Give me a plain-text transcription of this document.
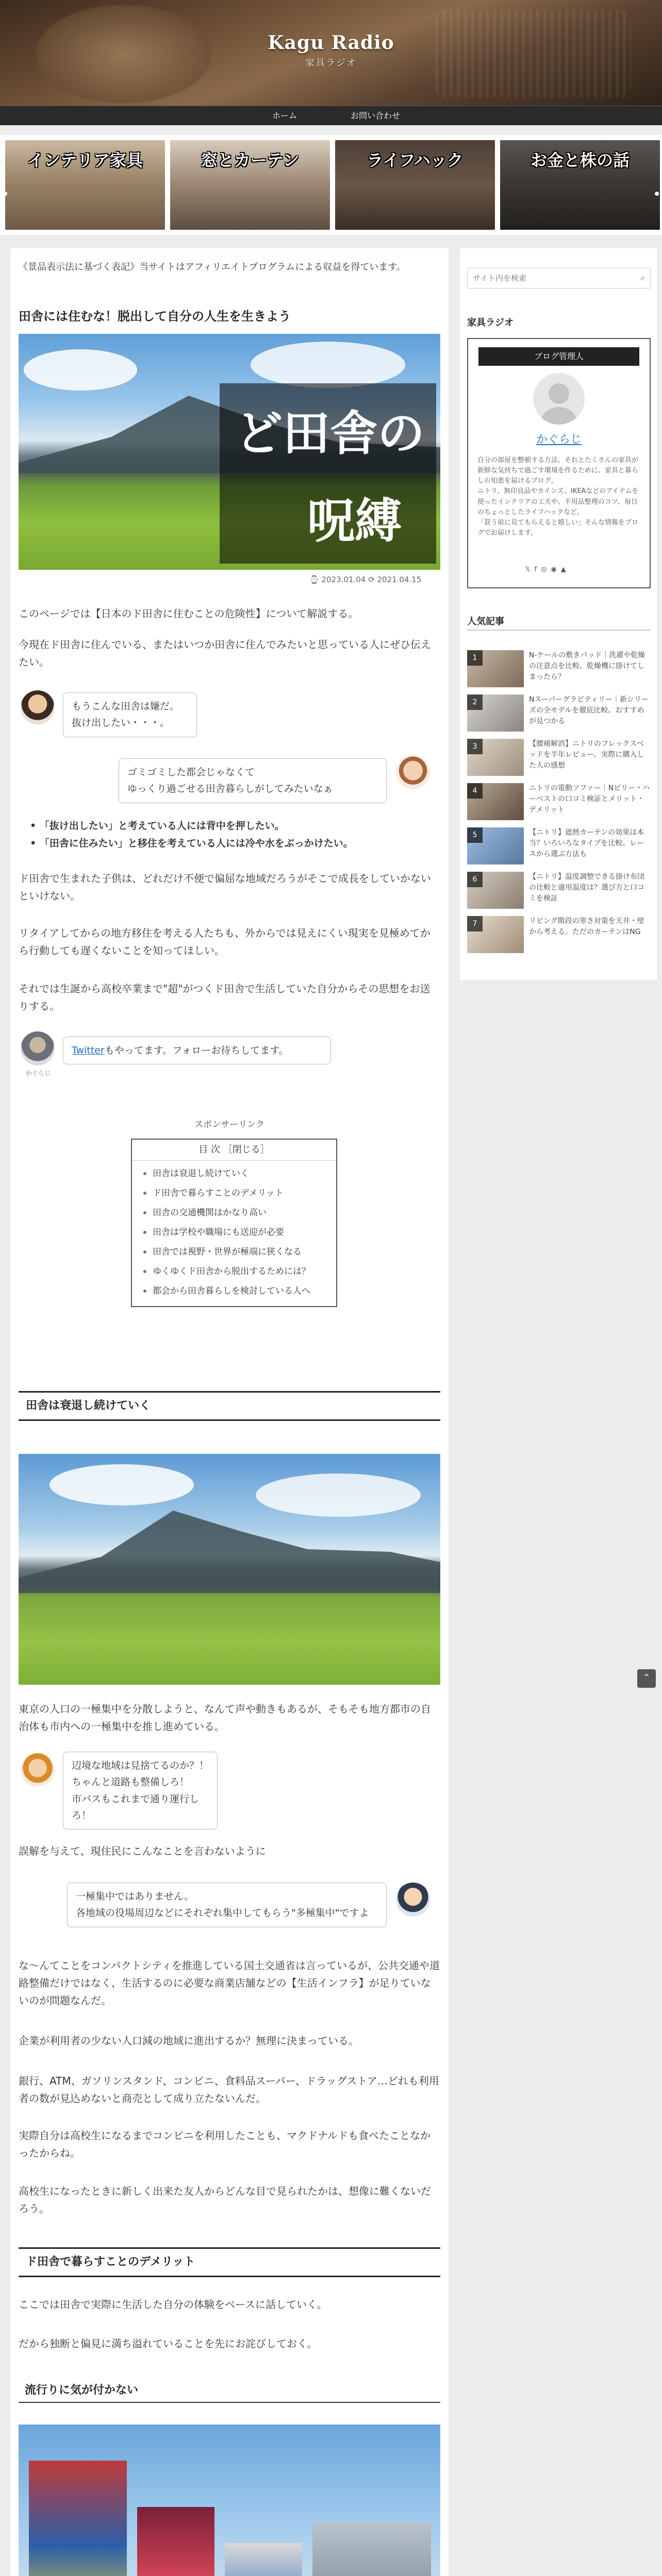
Kagu Radio
家具ラジオ
ホーム	お問い合わせ
インテリア家具	窓とカーテン	ライフハック	お金と株の話

《景品表示法に基づく表記》当サイトはアフィリエイトプログラムによる収益を得ています。

田舎には住むな！脱出して自分の人生を生きよう
ど田舎の
呪縛
⌚ 2023.01.04 ⟳ 2021.04.15

このページでは【日本のド田舎に住むことの危険性】について解説する。

今現在ド田舎に住んでいる、またはいつか田舎に住んでみたいと思っている人にぜひ伝えたい。

もうこんな田舎は嫌だ。抜け出したい・・・。
ゴミゴミした都会じゃなくて
ゆっくり過ごせる田舎暮らしがしてみたいなぁ
• 「抜け出したい」と考えている人には背中を押したい。
• 「田舎に住みたい」と移住を考えている人には冷や水をぶっかけたい。

ド田舎で生まれた子供は、どれだけ不便で偏屈な地域だろうがそこで成長をしていかないといけない。

リタイアしてからの地方移住を考える人たちも、外からでは見えにくい現実を見極めてから行動しても遅くないことを知ってほしい。

それでは生誕から高校卒業まで"超"がつくド田舎で生活していた自分からその思想をお送りする。

かぐらじ
Twitterもやってます。フォローお待ちしてます。
スポンサーリンク
目 次 ［閉じる］
田舎は衰退し続けていく
ド田舎で暮らすことのデメリット
田舎の交通機関はかなり高い
田舎は学校や職場にも送迎が必要
田舎では視野・世界が極端に狭くなる
ゆくゆくド田舎から脱出するためには？
都会から田舎暮らしを検討している人へ
田舎は衰退し続けていく

東京の人口の一極集中を分散しようと、なんて声や動きもあるが、そもそも地方都市の自治体も市内への一極集中を推し進めている。

辺境な地域は見捨てるのか？！
ちゃんと道路も整備しろ！
市バスもこれまで通り運行しろ！

誤解を与えて、現住民にこんなことを言わないように

一極集中ではありません。
各地域の役場周辺などにそれぞれ集中してもらう"多極集中"ですよ

な〜んてことをコンパクトシティを推進している国土交通省は言っているが、公共交通や道路整備だけではなく、生活するのに必要な商業店舗などの【生活インフラ】が足りていないのが問題なんだ。

企業が利用者の少ない人口減の地域に進出するか？無理に決まっている。

銀行、ATM、ガソリンスタンド、コンビニ、食料品スーパー、ドラッグストア…どれも利用者の数が見込めないと商売として成り立たないんだ。

実際自分は高校生になるまでコンビニを利用したことも、マクドナルドも食べたことなかったからね。

高校生になったときに新しく出来た友人からどんな目で見られたかは、想像に難くないだろう。

ド田舎で暮らすことのデメリット

ここでは田舎で実際に生活した自分の体験をベースに話していく。

だから独断と偏見に満ち溢れていることを先にお詫びしておく。

流行りに気が付かない

サイト内を検索
⌕
家具ラジオ
ブログ管理人
かぐらじ
自分の部屋を整頓する方法、それとたくさんの家具が新鮮な気持ちで過ごす環境を作るために、家具と暮らしの知恵を届けるブログ。
ニトリ、無印良品やカインズ、IKEAなどのアイテムを使ったインテリアの工夫や、不用品整理のコツ、毎日のちょっとしたライフハックなど。
「買う前に見てもらえると嬉しい」そんな情報をブログでお届けします。
𝕏f◎◉▲
人気記事
1	N-ケールの敷きパッド｜洗濯や乾燥の注意点を比較。乾燥機に掛けてしまったら？
2	Nスーパーグラビティリー｜新シリーズの全モデルを徹底比較。おすすめが見つかる
3	【腰痛解消】ニトリのフレックスベッドを半年レビュー。実際に購入した人の感想
4	ニトリの電動ソファー｜Nピリー・ハーベストの口コミ検証とメリット・デメリット
5	【ニトリ】遮熱カーテンの効果は本当？いろいろなタイプを比較。レースから選ぶ方法も
6	【ニトリ】温度調整できる掛け布団の比較と適用温度は？選び方と口コミを検証
7	リビング階段の寒さ対策を天井・壁から考える。ただのカーテンはNG
⌃
